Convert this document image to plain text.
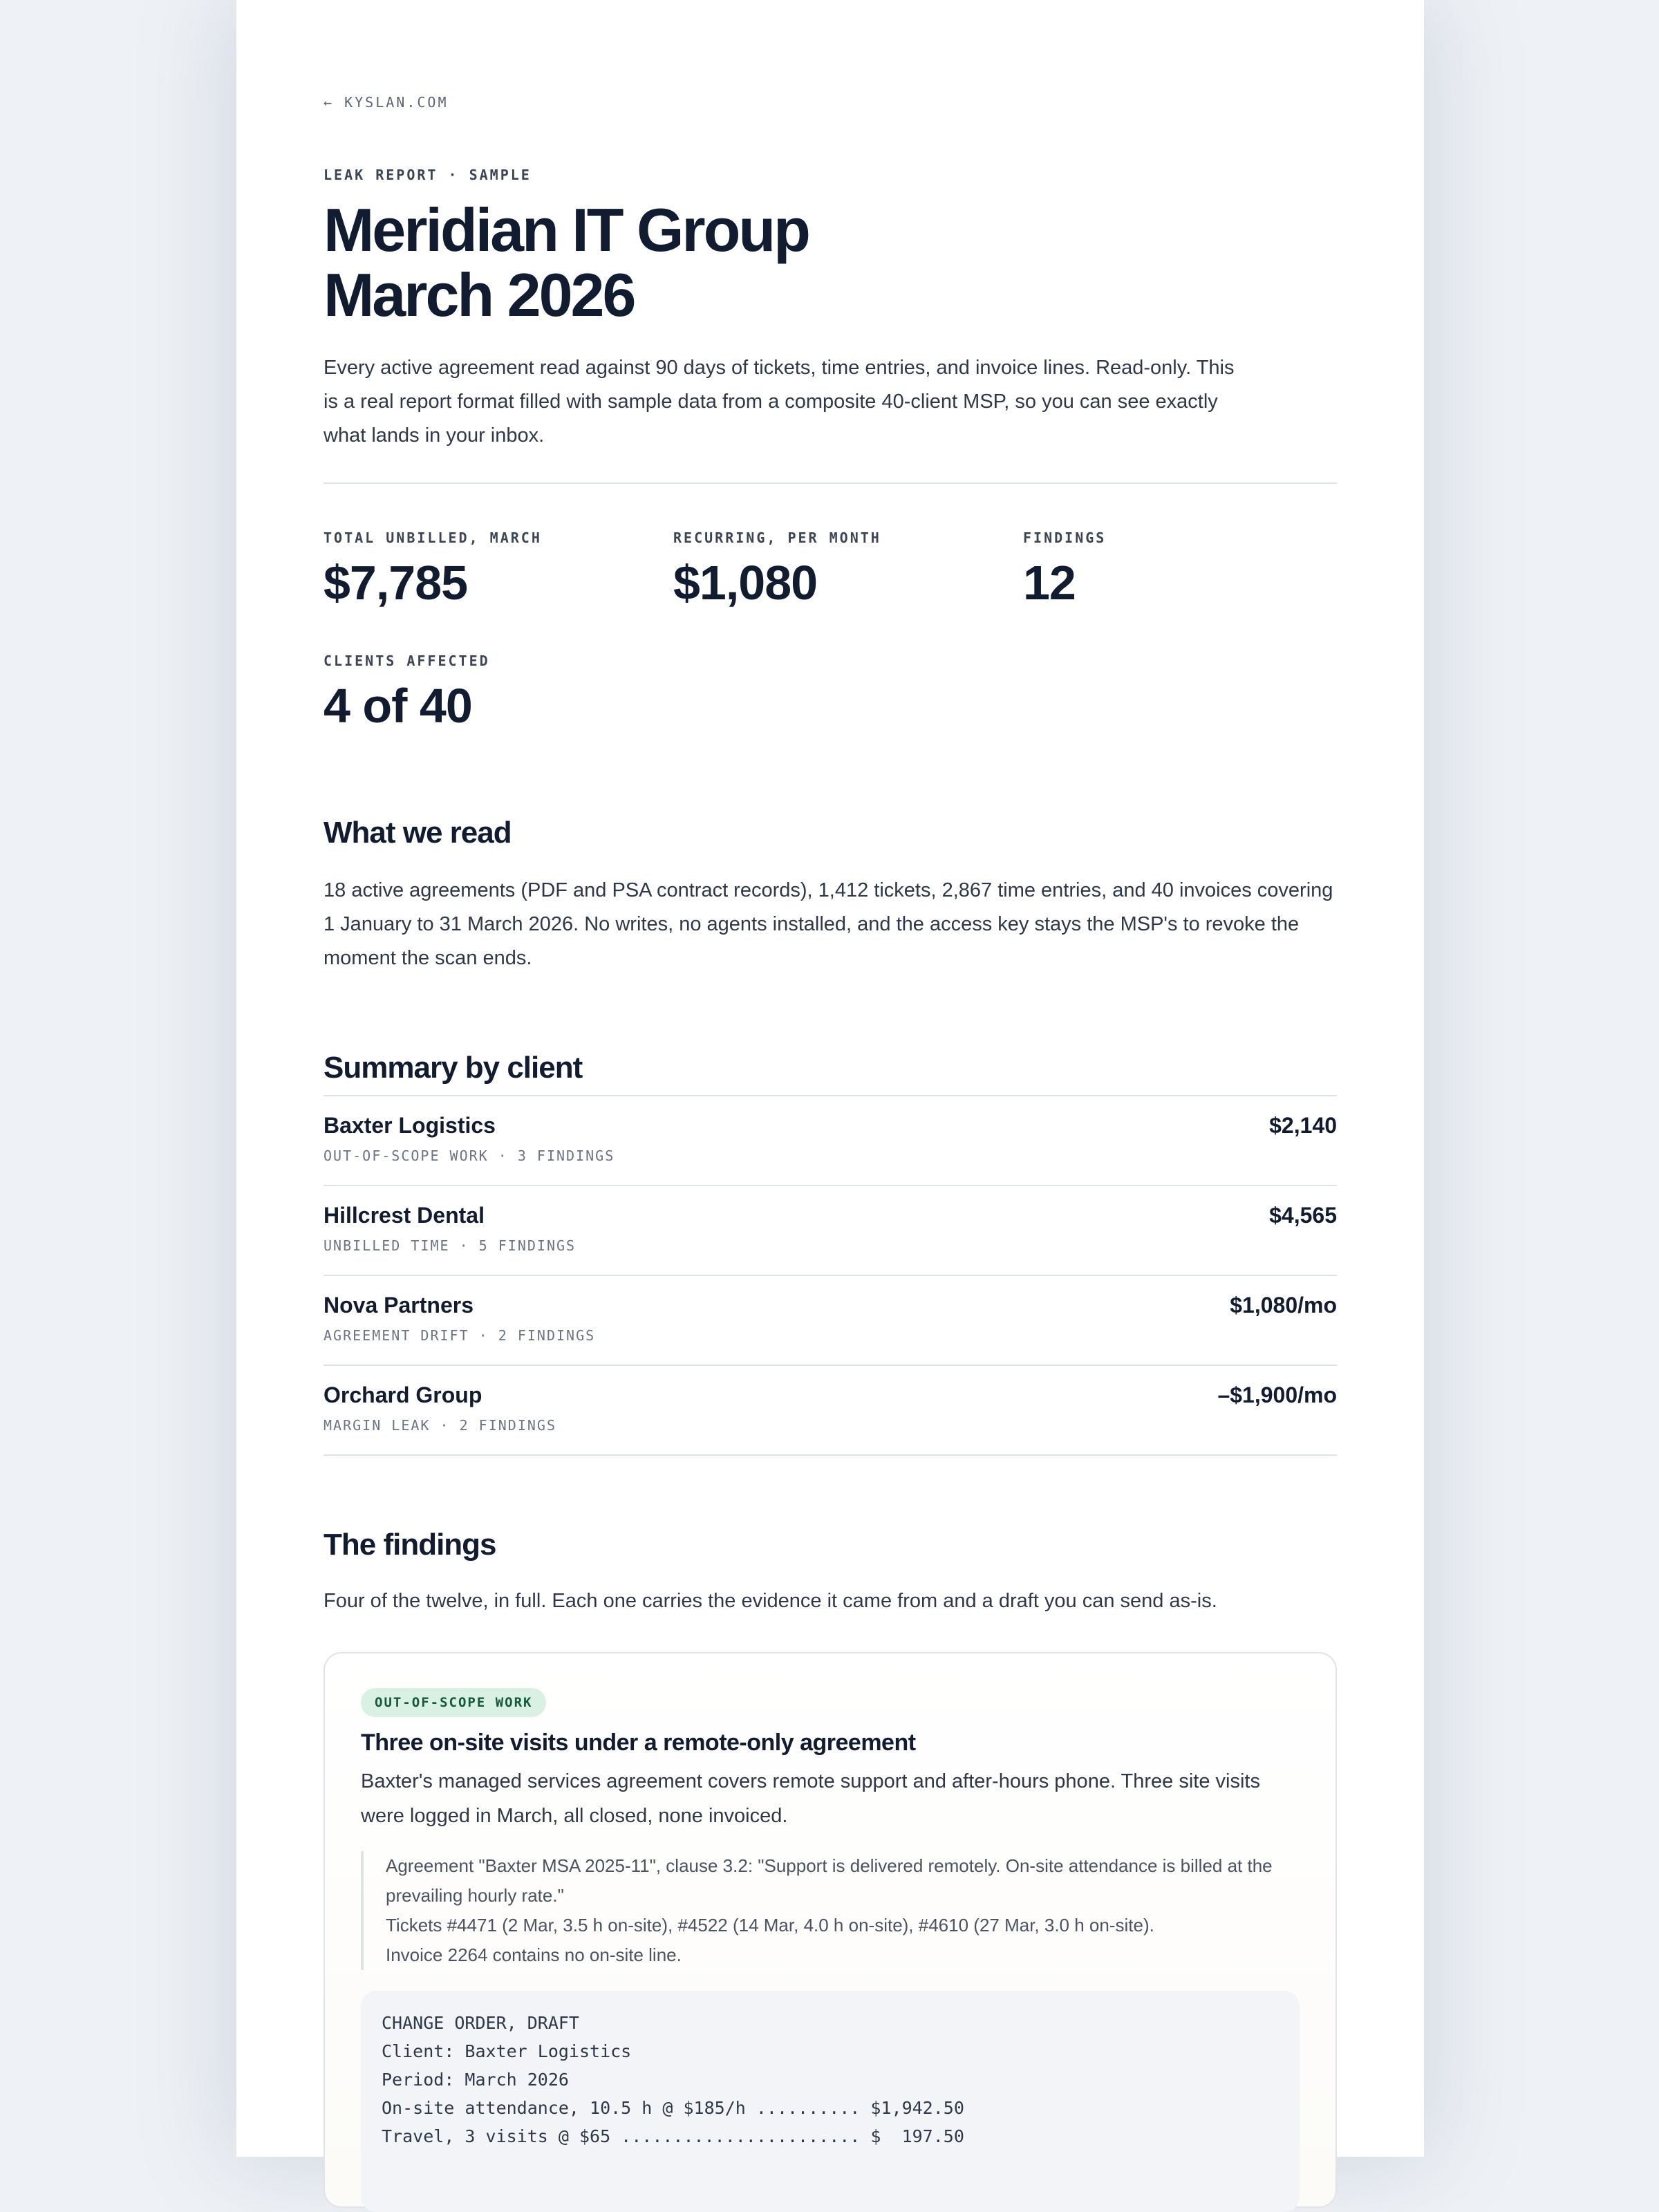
← KYSLAN.COM
LEAK REPORT · SAMPLE
Meridian IT Group
March 2026

Every active agreement read against 90 days of tickets, time entries, and invoice lines. Read-only. This is a real report format filled with sample data from a composite 40-client MSP, so you can see exactly what lands in your inbox.

TOTAL UNBILLED, MARCH
$7,785
RECURRING, PER MONTH
$1,080
FINDINGS
12
CLIENTS AFFECTED
4 of 40
What we read

18 active agreements (PDF and PSA contract records), 1,412 tickets, 2,867 time entries, and 40 invoices covering 1 January to 31 March 2026. No writes, no agents installed, and the access key stays the MSP's to revoke the moment the scan ends.

Summary by client
Baxter Logistics
OUT-OF-SCOPE WORK · 3 FINDINGS
$2,140
Hillcrest Dental
UNBILLED TIME · 5 FINDINGS
$4,565
Nova Partners
AGREEMENT DRIFT · 2 FINDINGS
$1,080/mo
Orchard Group
MARGIN LEAK · 2 FINDINGS
–$1,900/mo
The findings

Four of the twelve, in full. Each one carries the evidence it came from and a draft you can send as-is.

OUT-OF-SCOPE WORK
Three on-site visits under a remote-only agreement

Baxter's managed services agreement covers remote support and after-hours phone. Three site visits were logged in March, all closed, none invoiced.

Agreement "Baxter MSA 2025-11", clause 3.2: "Support is delivered remotely. On-site attendance is billed at the prevailing hourly rate."
Tickets #4471 (2 Mar, 3.5 h on-site), #4522 (14 Mar, 4.0 h on-site), #4610 (27 Mar, 3.0 h on-site).
Invoice 2264 contains no on-site line.
CHANGE ORDER, DRAFT
Client: Baxter Logistics
Period: March 2026
On-site attendance, 10.5 h @ $185/h .......... $1,942.50
Travel, 3 visits @ $65 ....................... $  197.50
